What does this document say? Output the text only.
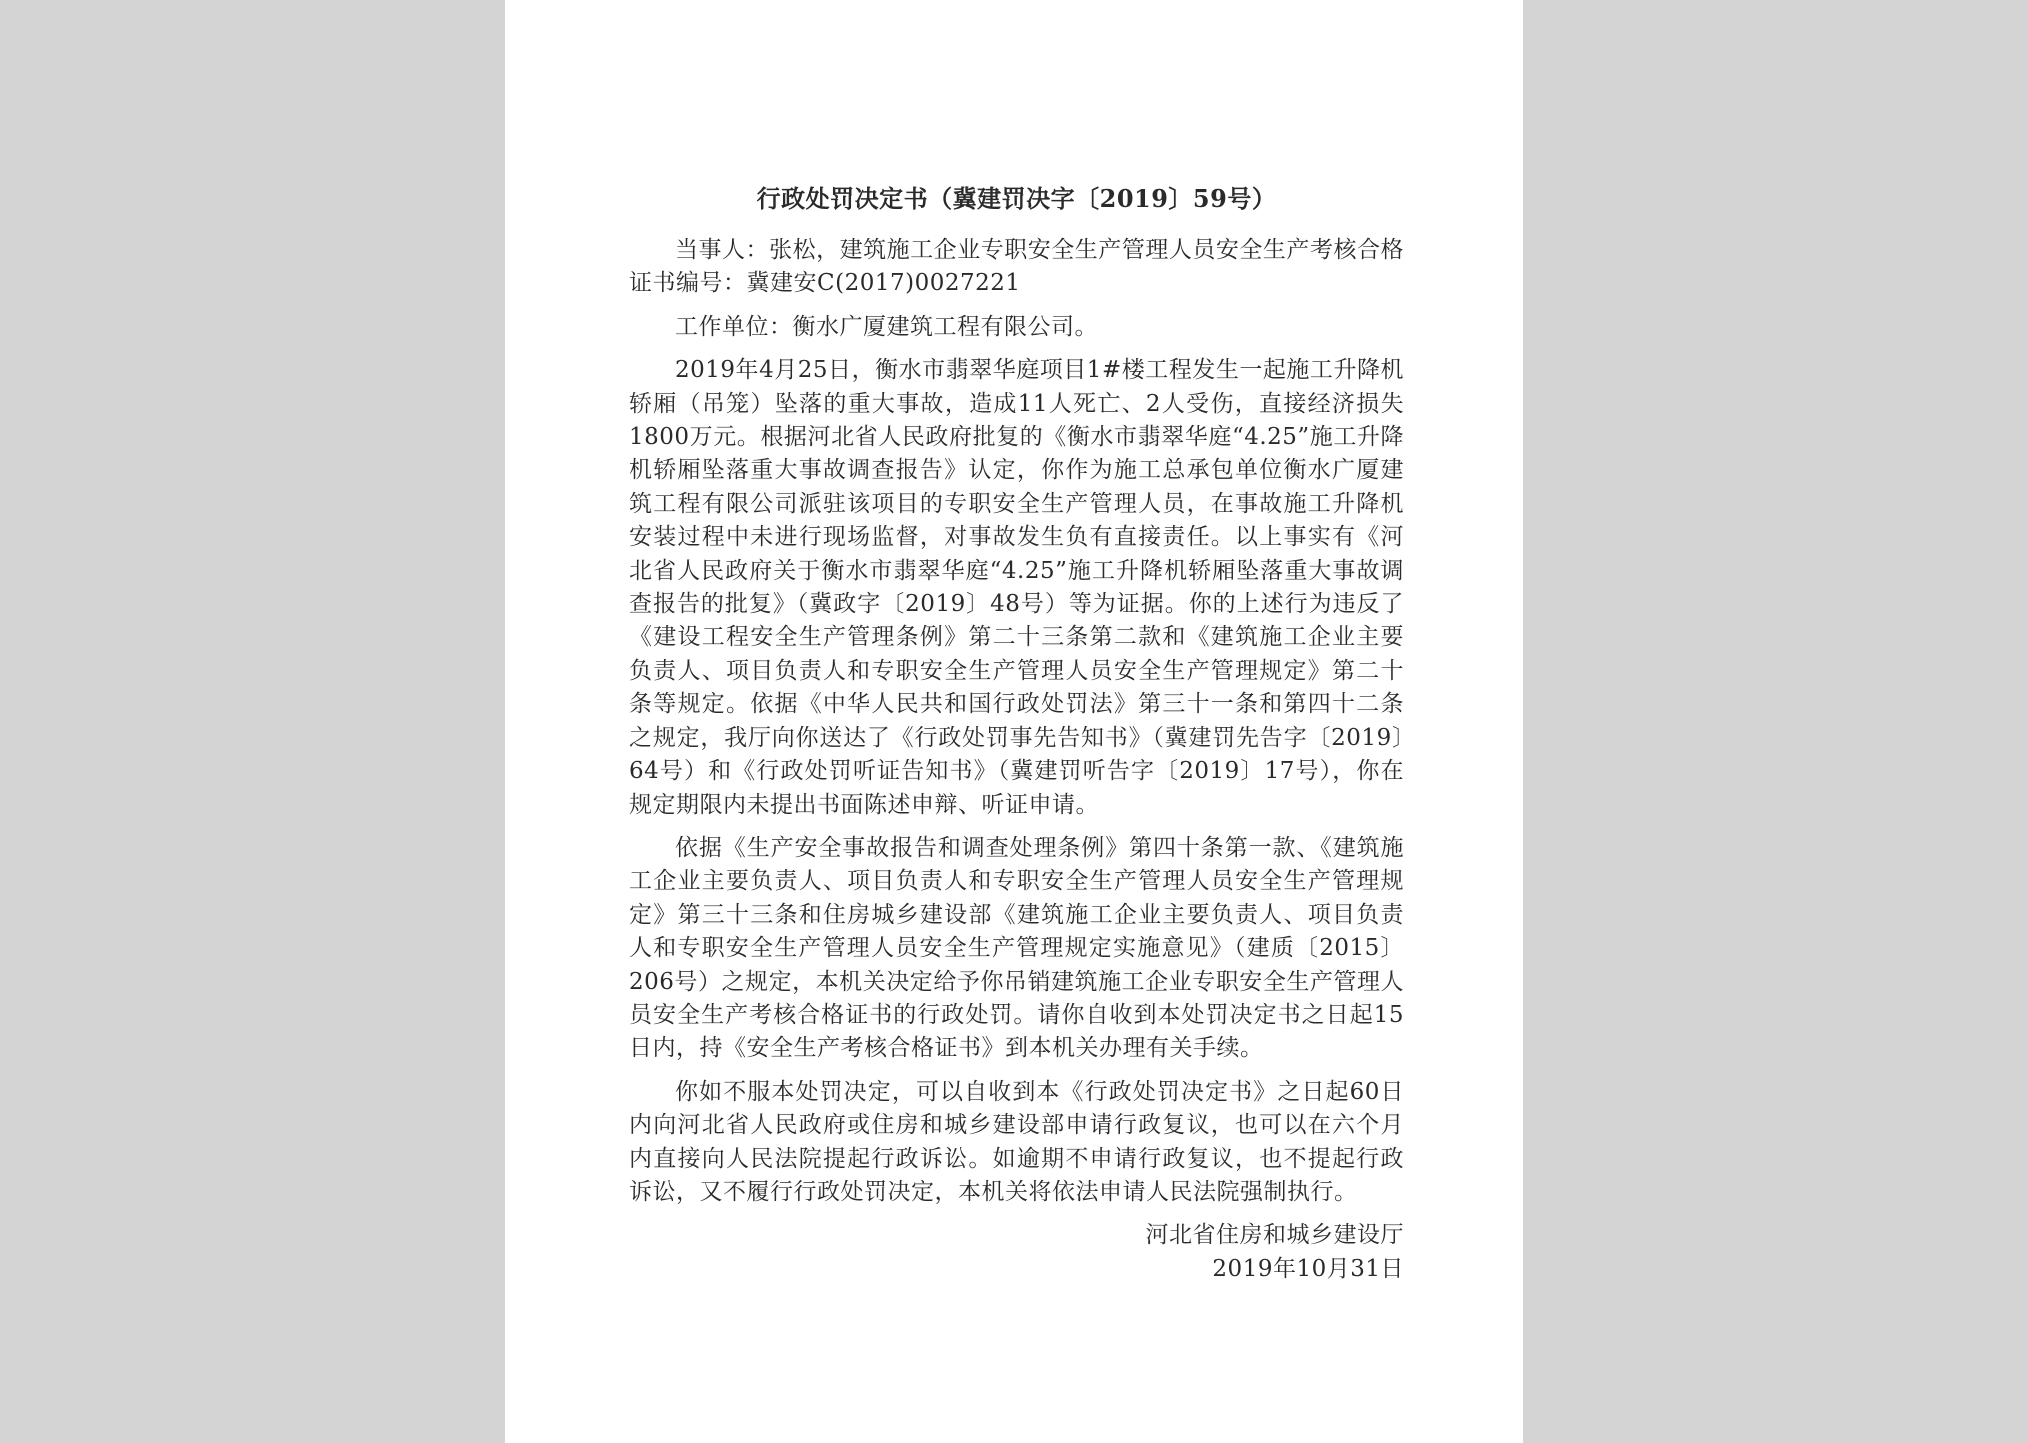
行政处罚决定书（冀建罚决字〔2019〕59号）

当事人：张松，建筑施工企业专职安全生产管理人员安全生产考核合格证书编号：冀建安C(2017)0027221

工作单位：衡水广厦建筑工程有限公司。

2019年4月25日，衡水市翡翠华庭项目1#楼工程发生一起施工升降机轿厢（吊笼）坠落的重大事故，造成11人死亡、2人受伤，直接经济损失1800万元。根据河北省人民政府批复的《衡水市翡翠华庭“4.25”施工升降机轿厢坠落重大事故调查报告》认定，你作为施工总承包单位衡水广厦建筑工程有限公司派驻该项目的专职安全生产管理人员，在事故施工升降机安装过程中未进行现场监督，对事故发生负有直接责任。以上事实有《河北省人民政府关于衡水市翡翠华庭“4.25”施工升降机轿厢坠落重大事故调查报告的批复》（冀政字〔2019〕48号）等为证据。你的上述行为违反了《建设工程安全生产管理条例》第二十三条第二款和《建筑施工企业主要负责人、项目负责人和专职安全生产管理人员安全生产管理规定》第二十条等规定。依据《中华人民共和国行政处罚法》第三十一条和第四十二条之规定，我厅向你送达了《行政处罚事先告知书》（冀建罚先告字〔2019〕64号）和《行政处罚听证告知书》（冀建罚听告字〔2019〕17号），你在规定期限内未提出书面陈述申辩、听证申请。

依据《生产安全事故报告和调查处理条例》第四十条第一款、《建筑施工企业主要负责人、项目负责人和专职安全生产管理人员安全生产管理规定》第三十三条和住房城乡建设部《建筑施工企业主要负责人、项目负责人和专职安全生产管理人员安全生产管理规定实施意见》（建质〔2015〕206号）之规定，本机关决定给予你吊销建筑施工企业专职安全生产管理人员安全生产考核合格证书的行政处罚。请你自收到本处罚决定书之日起15日内，持《安全生产考核合格证书》到本机关办理有关手续。

你如不服本处罚决定，可以自收到本《行政处罚决定书》之日起60日内向河北省人民政府或住房和城乡建设部申请行政复议，也可以在六个月内直接向人民法院提起行政诉讼。如逾期不申请行政复议，也不提起行政诉讼，又不履行行政处罚决定，本机关将依法申请人民法院强制执行。

河北省住房和城乡建设厅

2019年10月31日
